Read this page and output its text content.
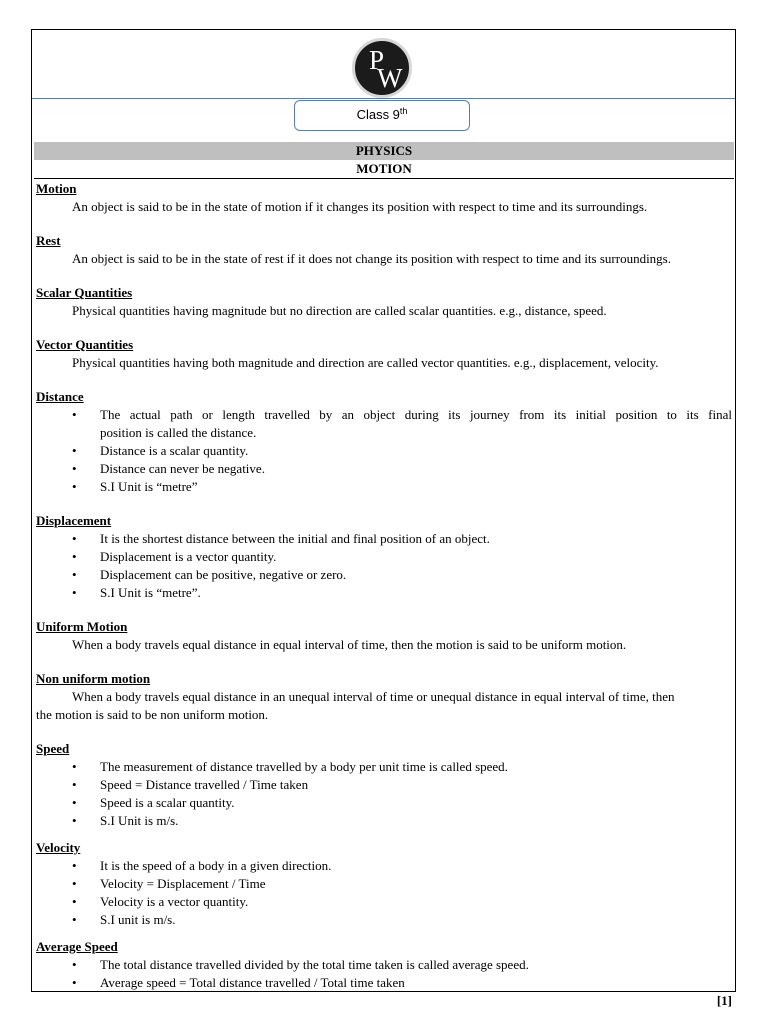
P
W
Class 9th
PHYSICS
MOTION

Motion

An object is said to be in the state of motion if it changes its position with respect to time and its surroundings.

Rest

An object is said to be in the state of rest if it does not change its position with respect to time and its surroundings.

Scalar Quantities

Physical quantities having magnitude but no direction are called scalar quantities. e.g., distance, speed.

Vector Quantities

Physical quantities having both magnitude and direction are called vector quantities. e.g., displacement, velocity.

Distance

• The actual path or length travelled by an object during its journey from its initial position to its final
position is called the distance.
• Distance is a scalar quantity.
• Distance can never be negative.
• S.I Unit is “metre”

Displacement

• It is the shortest distance between the initial and final position of an object.
• Displacement is a vector quantity.
• Displacement can be positive, negative or zero.
• S.I Unit is “metre”.

Uniform Motion

When a body travels equal distance in equal interval of time, then the motion is said to be uniform motion.

Non uniform motion

When a body travels equal distance in an unequal interval of time or unequal distance in equal interval of time, then

the motion is said to be non uniform motion.

Speed

• The measurement of distance travelled by a body per unit time is called speed.
• Speed = Distance travelled / Time taken
• Speed is a scalar quantity.
• S.I Unit is m/s.

Velocity

• It is the speed of a body in a given direction.
• Velocity = Displacement / Time
• Velocity is a vector quantity.
• S.I unit is m/s.

Average Speed

• The total distance travelled divided by the total time taken is called average speed.
• Average speed = Total distance travelled / Total time taken
[1]
